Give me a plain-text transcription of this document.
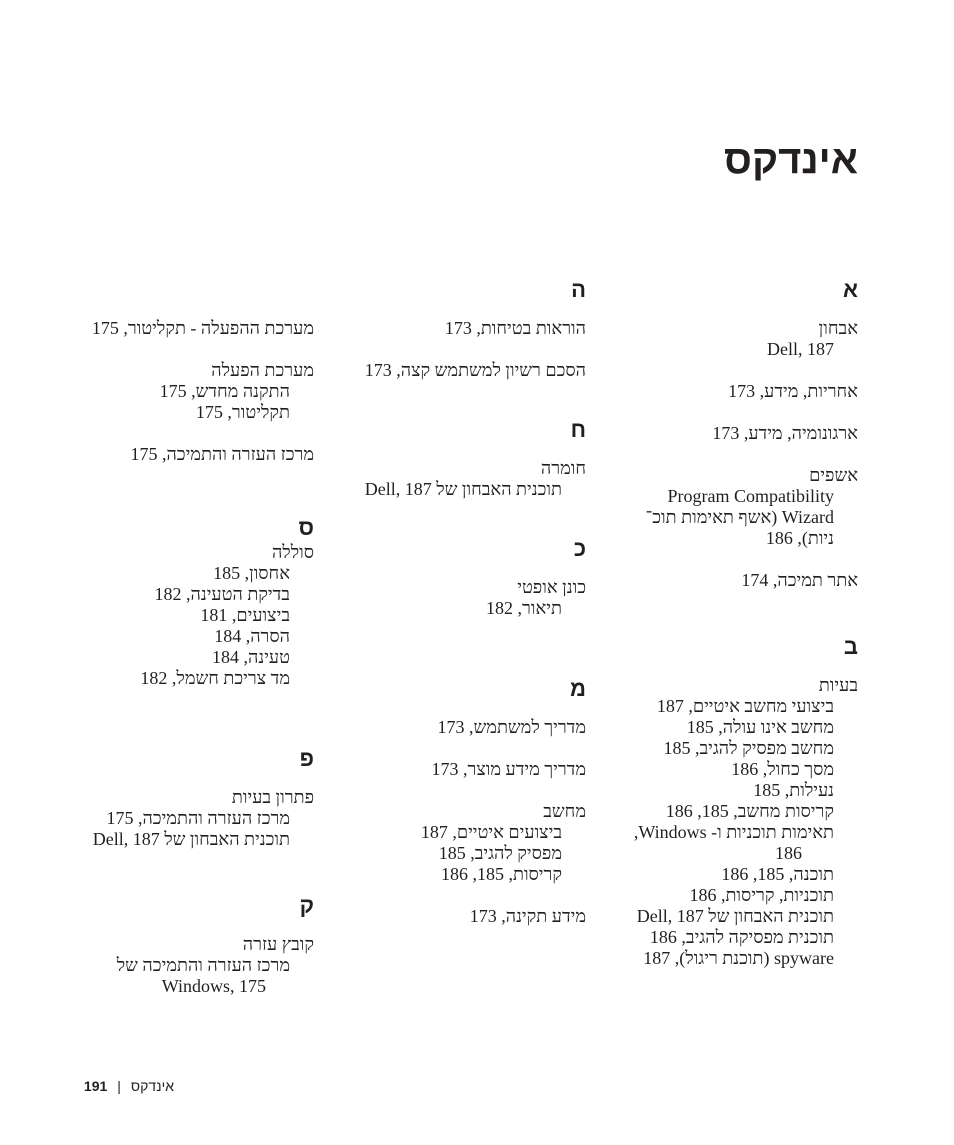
אינדקס
א
אבחון
Dell, 187
אחריות, מידע, 173
ארגונומיה, מידע, 173
אשפים
Program Compatibility
Wizard (אשף תאימות תוכ־
ניות), 186
אתר תמיכה, 174
ב
בעיות
ביצועי מחשב איטיים, 187
מחשב אינו עולה, 185
מחשב מפסיק להגיב, 185
מסך כחול, 186
נעילות, 185
קריסות מחשב, 185, 186
תאימות תוכניות ו- Windows,
186
תוכנה, 185, 186
תוכניות, קריסות, 186
תוכנית האבחון של Dell, 187
תוכנית מפסיקה להגיב, 186
spyware (תוכנת ריגול), 187
ה
הוראות בטיחות, 173
הסכם רשיון למשתמש קצה, 173
ח
חומרה
תוכנית האבחון של Dell, 187
כ
כונן אופטי
תיאור, 182
מ
מדריך למשתמש, 173
מדריך מידע מוצר, 173
מחשב
ביצועים איטיים, 187
מפסיק להגיב, 185
קריסות, 185, 186
מידע תקינה, 173
מערכת ההפעלה - תקליטור, 175
מערכת הפעלה
התקנה מחדש, 175
תקליטור, 175
מרכז העזרה והתמיכה, 175
ס
סוללה
אחסון, 185
בדיקת הטעינה, 182
ביצועים, 181
הסרה, 184
טעינה, 184
מד צריכת חשמל, 182
פ
פתרון בעיות
מרכז העזרה והתמיכה, 175
תוכנית האבחון של Dell, 187
ק
קובץ עזרה
מרכז העזרה והתמיכה של
Windows, 175
אינדקס|191
